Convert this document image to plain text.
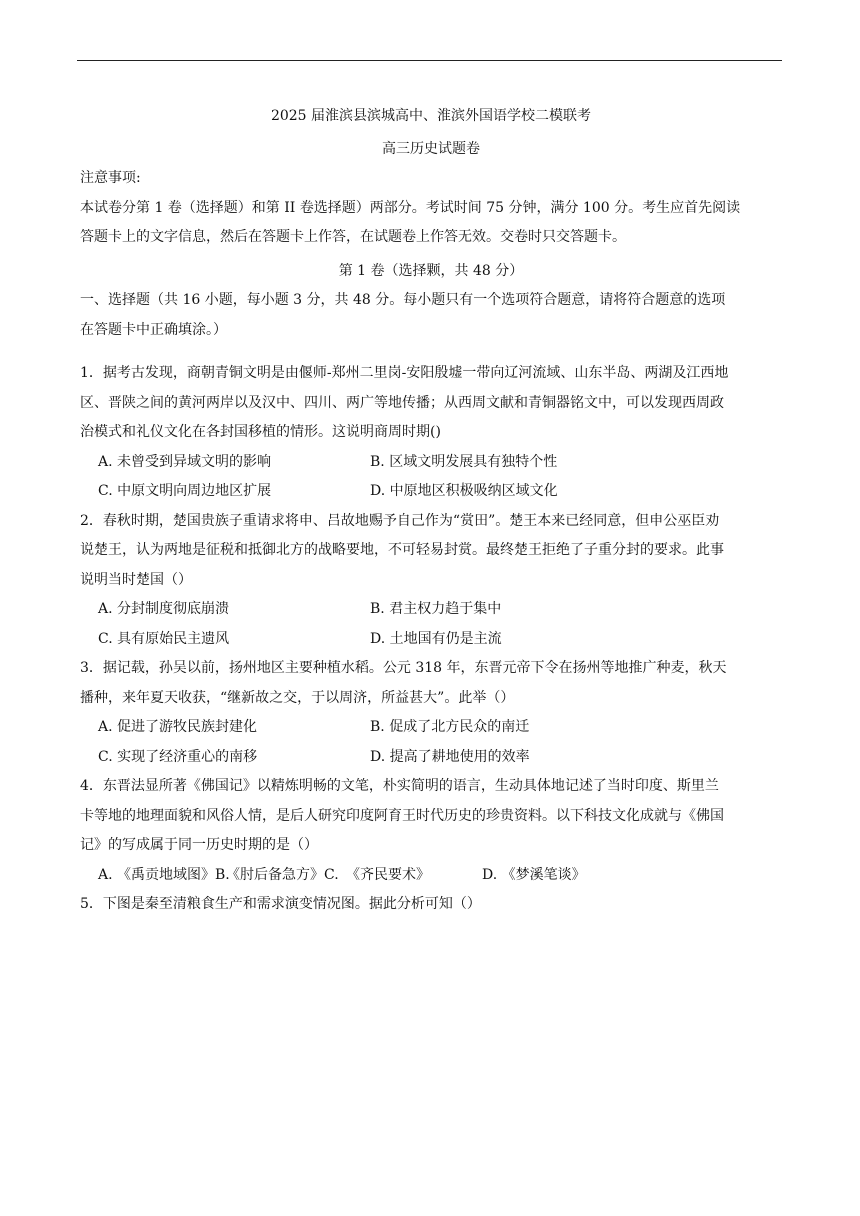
2025 届淮滨县滨城高中、淮滨外国语学校二模联考

高三历史试题卷

注意事项:

本试卷分第 1 卷（选择题）和第 II 卷选择题）两部分。考试时间 75 分钟，满分 100 分。考生应首先阅读

答题卡上的文字信息，然后在答题卡上作答，在试题卷上作答无效。交卷时只交答题卡。

第 1 卷（选择颗，共 48 分）

一、选择题（共 16 小题，每小题 3 分，共 48 分。每小题只有一个选项符合题意，请将符合题意的选项

在答题卡中正确填涂。）

1．据考古发现，商朝青铜文明是由偃师-郑州二里岗-安阳殷墟一带向辽河流域、山东半岛、两湖及江西地

区、晋陕之间的黄河两岸以及汉中、四川、两广等地传播；从西周文献和青铜器铭文中，可以发现西周政

治模式和礼仪文化在各封国移植的情形。这说明商周时期()

A. 未曾受到异域文明的影响	B. 区域文明发展具有独特个性
C. 中原文明向周边地区扩展	D. 中原地区积极吸纳区域文化

2．春秋时期，楚国贵族子重请求将申、吕故地赐予自己作为“赏田”。楚王本来已经同意，但申公巫臣劝

说楚王，认为两地是征税和抵御北方的战略要地，不可轻易封赏。最终楚王拒绝了子重分封的要求。此事

说明当时楚国（）

A. 分封制度彻底崩溃	B. 君主权力趋于集中
C. 具有原始民主遗风	D. 土地国有仍是主流

3．据记载，孙吴以前，扬州地区主要种植水稻。公元 318 年，东晋元帝下令在扬州等地推广种麦，秋天

播种，来年夏天收获，“继新故之交，于以周济，所益甚大”。此举（）

A. 促进了游牧民族封建化	B. 促成了北方民众的南迁
C. 实现了经济重心的南移	D. 提高了耕地使用的效率

4．东晋法显所著《佛国记》以精炼明畅的文笔，朴实简明的语言，生动具体地记述了当时印度、斯里兰

卡等地的地理面貌和风俗人情，是后人研究印度阿育王时代历史的珍贵资料。以下科技文化成就与《佛国

记》的写成属于同一历史时期的是（）

A. 《禹贡地域图》B.
《肘后备急方》C. 《齐民要术》	D. 《梦溪笔谈》

5．下图是秦至清粮食生产和需求演变情况图。据此分析可知（）
